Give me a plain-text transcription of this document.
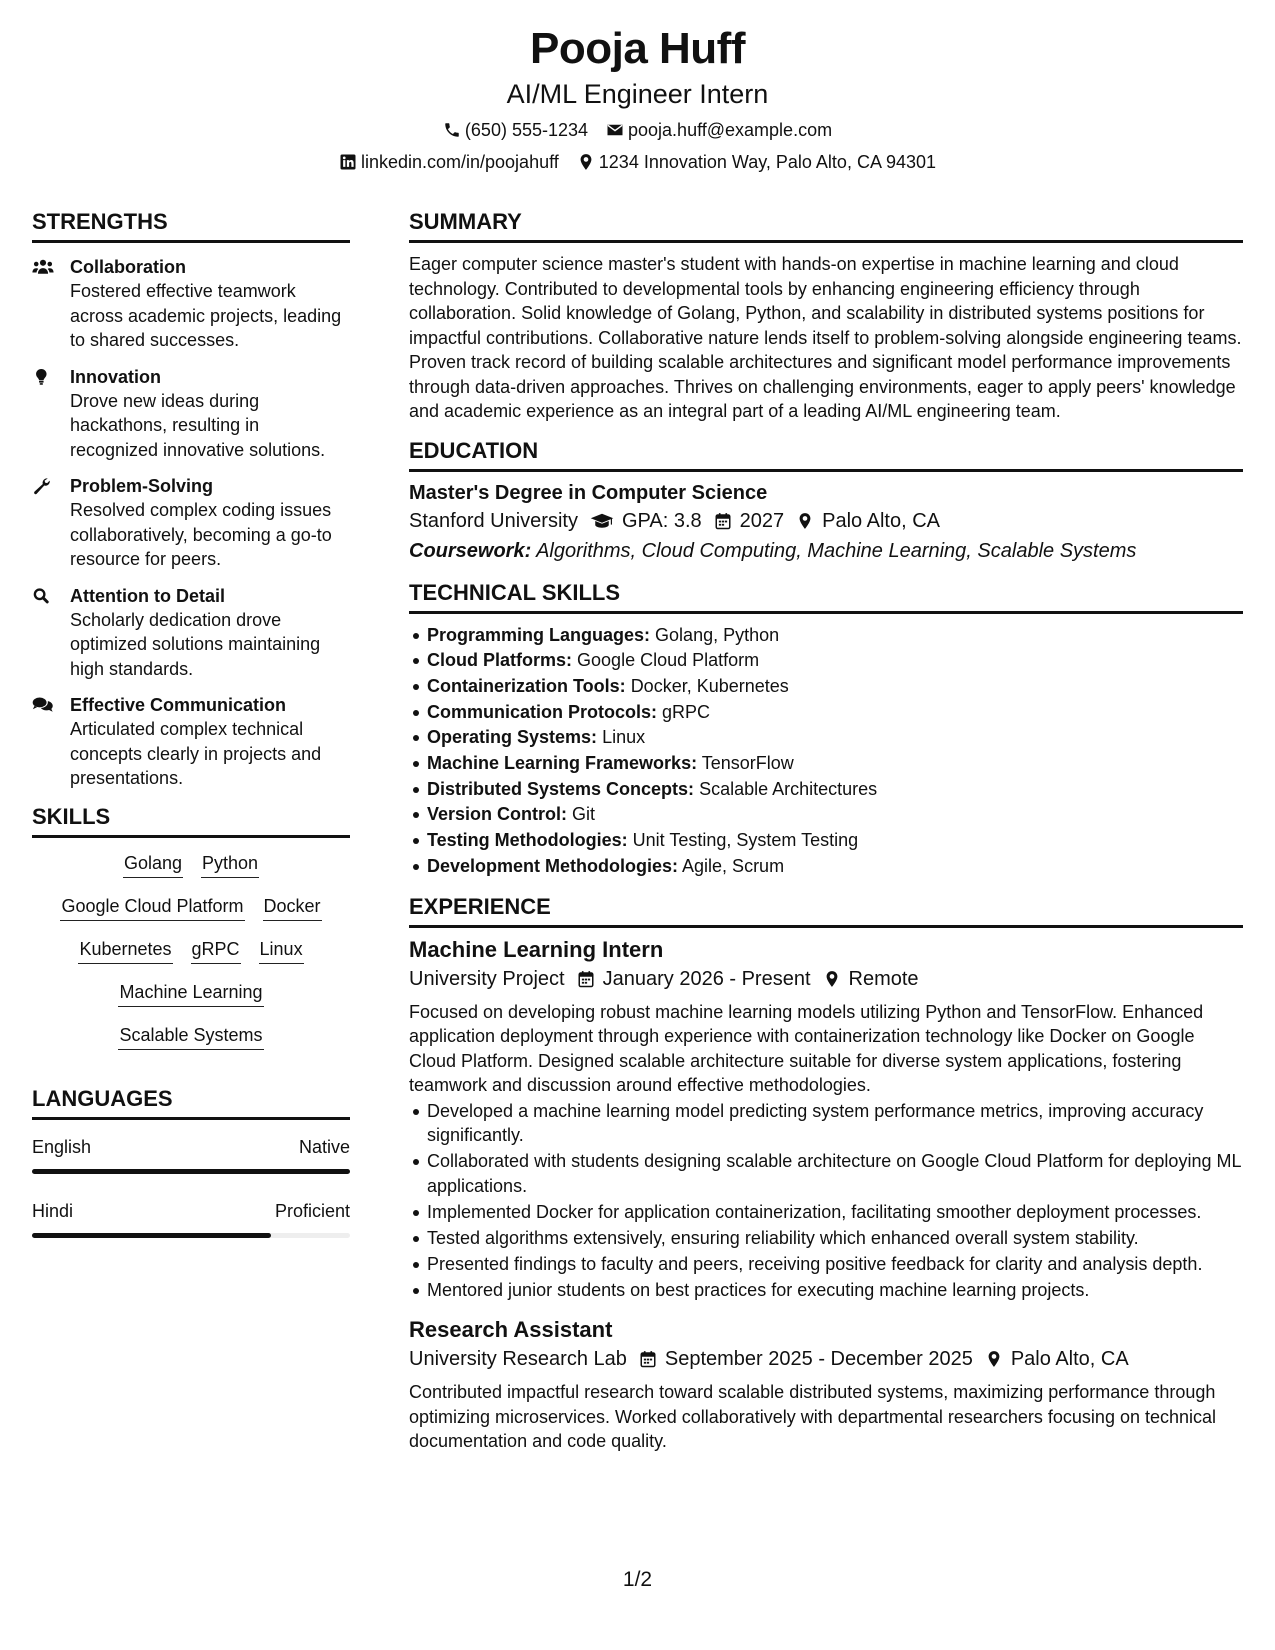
Pooja Huff
AI/ML Engineer Intern
(650) 555-1234 pooja.huff@example.com
linkedin.com/in/poojahuff 1234 Innovation Way, Palo Alto, CA 94301
STRENGTHS
Collaboration
Fostered effective teamwork across academic projects, leading to shared successes.
Innovation
Drove new ideas during hackathons, resulting in recognized innovative solutions.
Problem-Solving
Resolved complex coding issues collaboratively, becoming a go-to resource for peers.
Attention to Detail
Scholarly dedication drove optimized solutions maintaining high standards.
Effective Communication
Articulated complex technical concepts clearly in projects and presentations.
SKILLS
Golang Python
Google Cloud Platform Docker
Kubernetes gRPC Linux
Machine Learning
Scalable Systems
LANGUAGES
English	Native
Hindi	Proficient
SUMMARY
Eager computer science master's student with hands-on expertise in machine learning and cloud technology. Contributed to developmental tools by enhancing engineering efficiency through collaboration. Solid knowledge of Golang, Python, and scalability in distributed systems positions for impactful contributions. Collaborative nature lends itself to problem-solving alongside engineering teams. Proven track record of building scalable architectures and significant model performance improvements through data-driven approaches. Thrives on challenging environments, eager to apply peers' knowledge and academic experience as an integral part of a leading AI/ML engineering team.
EDUCATION
Master's Degree in Computer Science
Stanford University GPA: 3.8 2027 Palo Alto, CA
Coursework: Algorithms, Cloud Computing, Machine Learning, Scalable Systems
TECHNICAL SKILLS
Programming Languages: Golang, Python
Cloud Platforms: Google Cloud Platform
Containerization Tools: Docker, Kubernetes
Communication Protocols: gRPC
Operating Systems: Linux
Machine Learning Frameworks: TensorFlow
Distributed Systems Concepts: Scalable Architectures
Version Control: Git
Testing Methodologies: Unit Testing, System Testing
Development Methodologies: Agile, Scrum
EXPERIENCE
Machine Learning Intern
University Project January 2026 - Present Remote
Focused on developing robust machine learning models utilizing Python and TensorFlow. Enhanced application deployment through experience with containerization technology like Docker on Google Cloud Platform. Designed scalable architecture suitable for diverse system applications, fostering teamwork and discussion around effective methodologies.
Developed a machine learning model predicting system performance metrics, improving accuracy significantly.
Collaborated with students designing scalable architecture on Google Cloud Platform for deploying ML applications.
Implemented Docker for application containerization, facilitating smoother deployment processes.
Tested algorithms extensively, ensuring reliability which enhanced overall system stability.
Presented findings to faculty and peers, receiving positive feedback for clarity and analysis depth.
Mentored junior students on best practices for executing machine learning projects.
Research Assistant
University Research Lab September 2025 - December 2025 Palo Alto, CA
Contributed impactful research toward scalable distributed systems, maximizing performance through optimizing microservices. Worked collaboratively with departmental researchers focusing on technical documentation and code quality.
1/2
